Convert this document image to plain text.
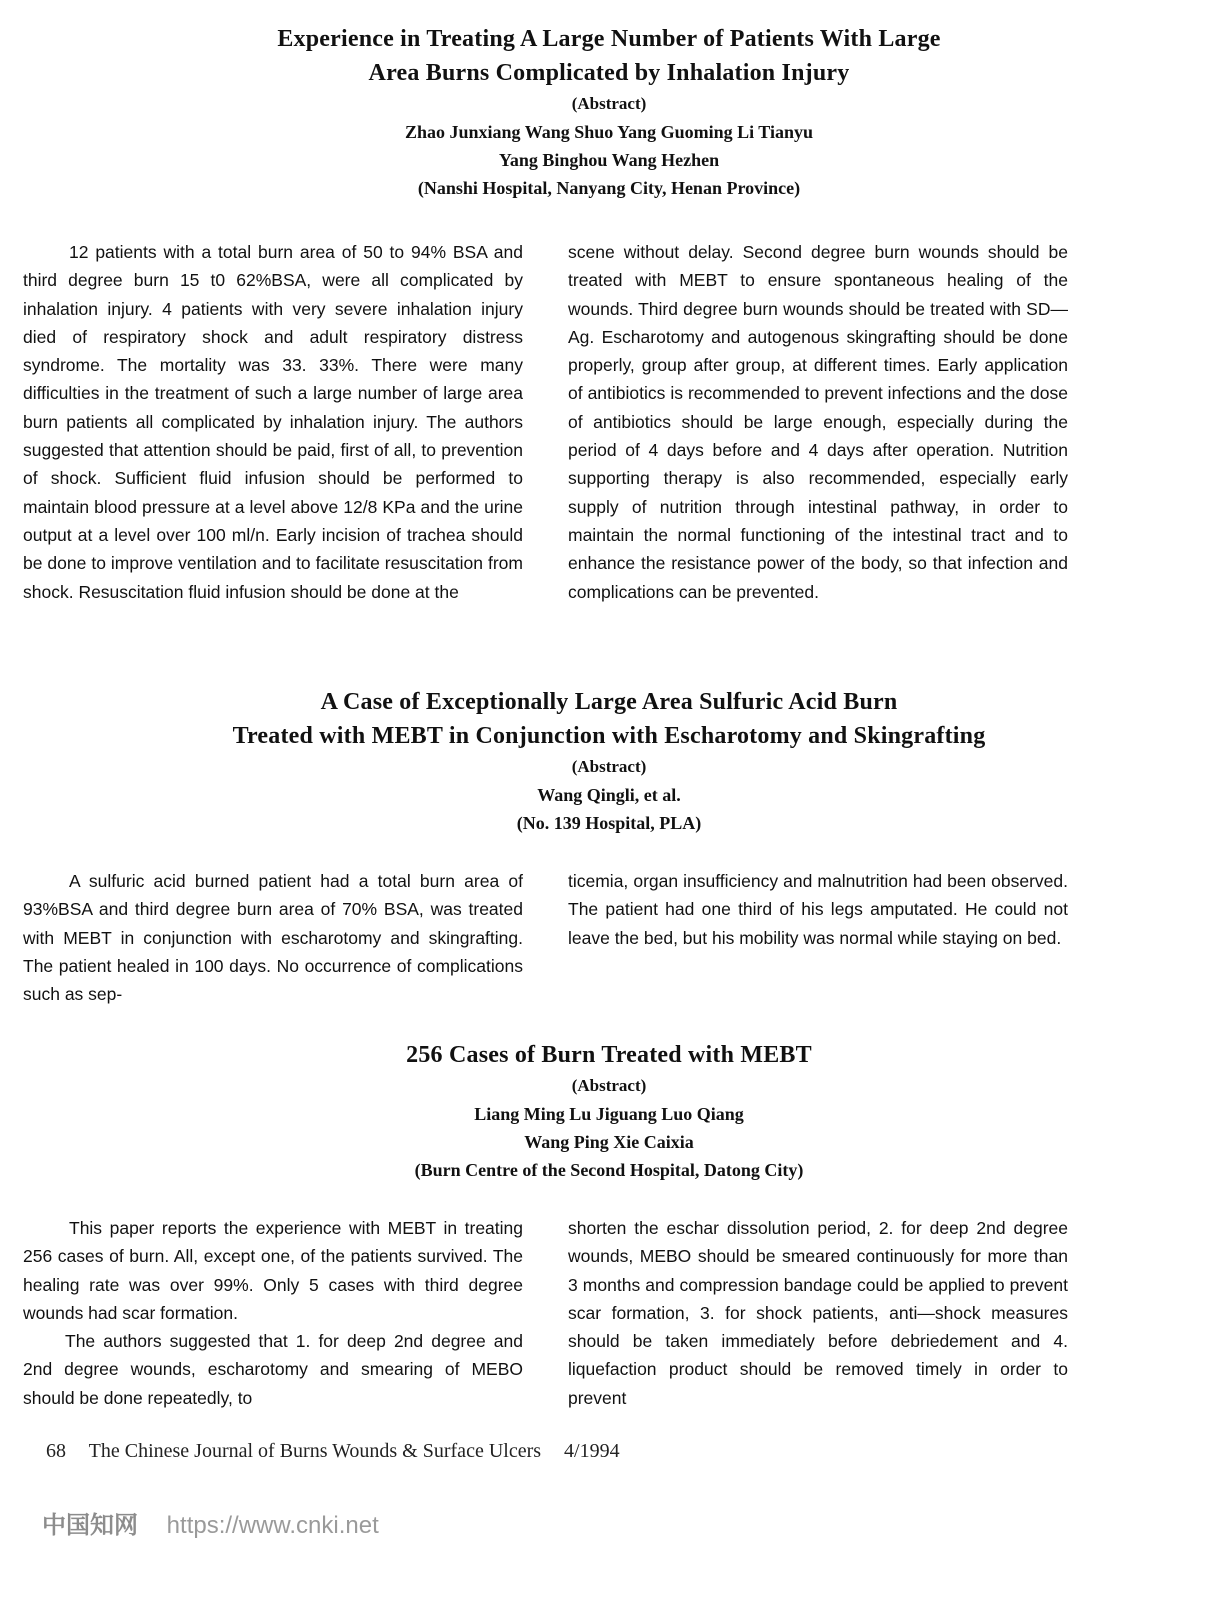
Experience in Treating A Large Number of Patients With Large
Area Burns Complicated by Inhalation Injury
(Abstract)
Zhao Junxiang Wang Shuo Yang Guoming Li Tianyu
Yang Binghou Wang Hezhen
(Nanshi Hospital, Nanyang City, Henan Province)

12 patients with a total burn area of 50 to 94% BSA and third degree burn 15 t0 62%BSA, were all complicated by inhalation injury. 4 patients with very severe inhalation injury died of respiratory shock and adult respiratory distress syndrome. The mortality was 33. 33%. There were many difficulties in the treatment of such a large number of large area burn patients all complicated by inhalation injury. The authors suggested that attention should be paid, first of all, to prevention of shock. Sufficient fluid infusion should be performed to maintain blood pressure at a level above 12/8 KPa and the urine output at a level over 100 ml/n. Early incision of trachea should be done to improve ventilation and to facilitate resuscitation from shock. Resuscitation fluid infusion should be done at the

scene without delay. Second degree burn wounds should be treated with MEBT to ensure spontaneous healing of the wounds. Third degree burn wounds should be treated with SD—Ag. Escharotomy and autogenous skingrafting should be done properly, group after group, at different times. Early application of antibiotics is recommended to prevent infections and the dose of antibiotics should be large enough, especially during the period of 4 days before and 4 days after operation. Nutrition supporting therapy is also recommended, especially early supply of nutrition through intestinal pathway, in order to maintain the normal functioning of the intestinal tract and to enhance the resistance power of the body, so that infection and complications can be prevented.

A Case of Exceptionally Large Area Sulfuric Acid Burn
Treated with MEBT in Conjunction with Escharotomy and Skingrafting
(Abstract)
Wang Qingli, et al.
(No. 139 Hospital, PLA)

A sulfuric acid burned patient had a total burn area of 93%BSA and third degree burn area of 70% BSA, was treated with MEBT in conjunction with escharotomy and skingrafting. The patient healed in 100 days. No occurrence of complications such as sep-

ticemia, organ insufficiency and malnutrition had been observed. The patient had one third of his legs amputated. He could not leave the bed, but his mobility was normal while staying on bed.

256 Cases of Burn Treated with MEBT
(Abstract)
Liang Ming Lu Jiguang Luo Qiang
Wang Ping Xie Caixia
(Burn Centre of the Second Hospital, Datong City)

This paper reports the experience with MEBT in treating 256 cases of burn. All, except one, of the patients survived. The healing rate was over 99%. Only 5 cases with third degree wounds had scar formation.

The authors suggested that 1. for deep 2nd degree and 2nd degree wounds, escharotomy and smearing of MEBO should be done repeatedly, to

shorten the eschar dissolution period, 2. for deep 2nd degree wounds, MEBO should be smeared continuously for more than 3 months and compression bandage could be applied to prevent scar formation, 3. for shock patients, anti—shock measures should be taken immediately before debriedement and 4. liquefaction product should be removed timely in order to prevent

68 The Chinese Journal of Burns Wounds & Surface Ulcers 4/1994
中国知网 https://www.cnki.net
